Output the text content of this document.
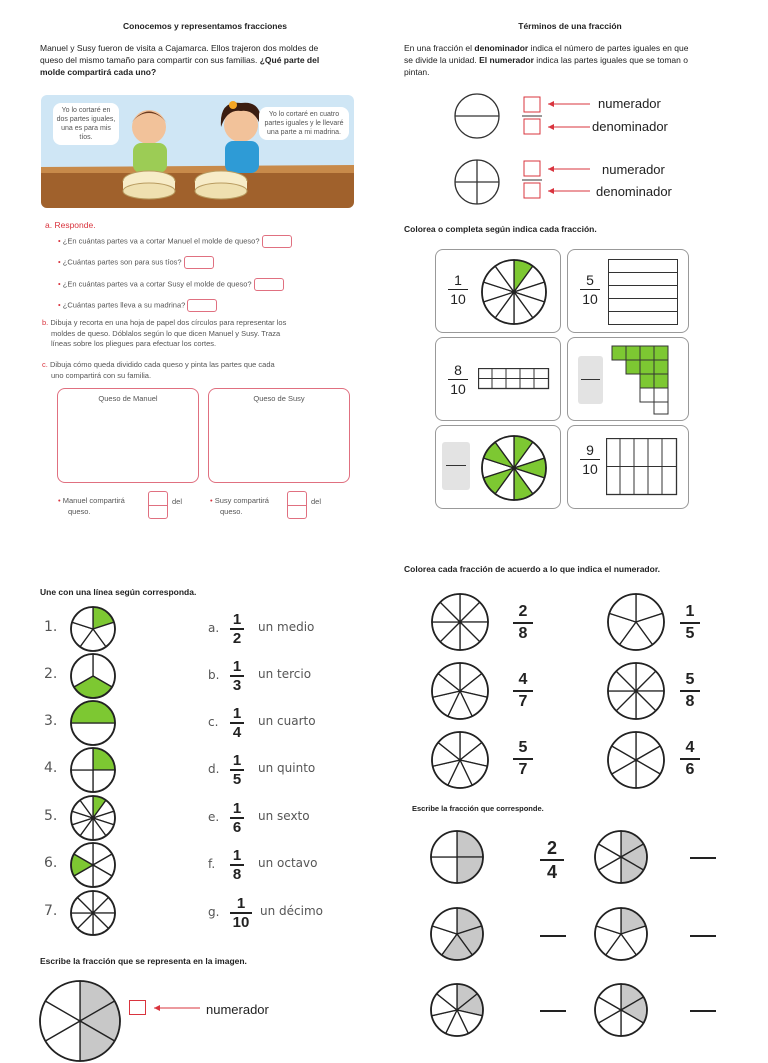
Conocemos y representamos fracciones
Manuel y Susy fueron de visita a Cajamarca. Ellos trajeron dos moldes de
queso del mismo tamaño para compartir con sus familias. ¿Qué parte del
molde compartirá cada uno?
Yo lo cortaré en dos partes iguales, una es para mis tíos.
Yo lo cortaré en cuatro partes iguales y le llevaré una parte a mi madrina.
a. Responde.
• ¿En cuántas partes va a cortar Manuel el molde de queso?
• ¿Cuántas partes son para sus tíos?
• ¿En cuántas partes va a cortar Susy el molde de queso?
• ¿Cuántas partes lleva a su madrina?
b. Dibuja y recorta en una hoja de papel dos círculos para representar los
moldes de queso. Dóblalos según lo que dicen Manuel y Susy. Traza
líneas sobre los pliegues para efectuar los cortes.
c. Dibuja cómo queda dividido cada queso y pinta las partes que cada
uno compartirá con su familia.
Queso de Manuel	Queso de Susy
• Manuel compartirá
queso.
del	• Susy compartirá
queso.
del
Términos de una fracción
En una fracción el denominador indica el número de partes iguales en que
se divide la unidad. El numerador indica las partes iguales que se toman o
pintan.
numerador
denominador
numerador
denominador
Colorea o completa según indica cada fracción.
1
10
5
10
8
10
9
10
Une con una línea según corresponda.
1.	a. 1
2
un medio
2.	b. 1
3
un tercio
3.	c. 1
4
un cuarto
4.	d. 1
5
un quinto
5.	e. 1
6
un sexto
6.	f. 1
8
un octavo
7.	g.	1
10
un décimo
Escribe la fracción que se representa en la imagen.
numerador
Colorea cada fracción de acuerdo a lo que indica el numerador.
2
8
1
5
4
7
5
8
5
7
4
6
Escribe la fracción que corresponde.
2
4
